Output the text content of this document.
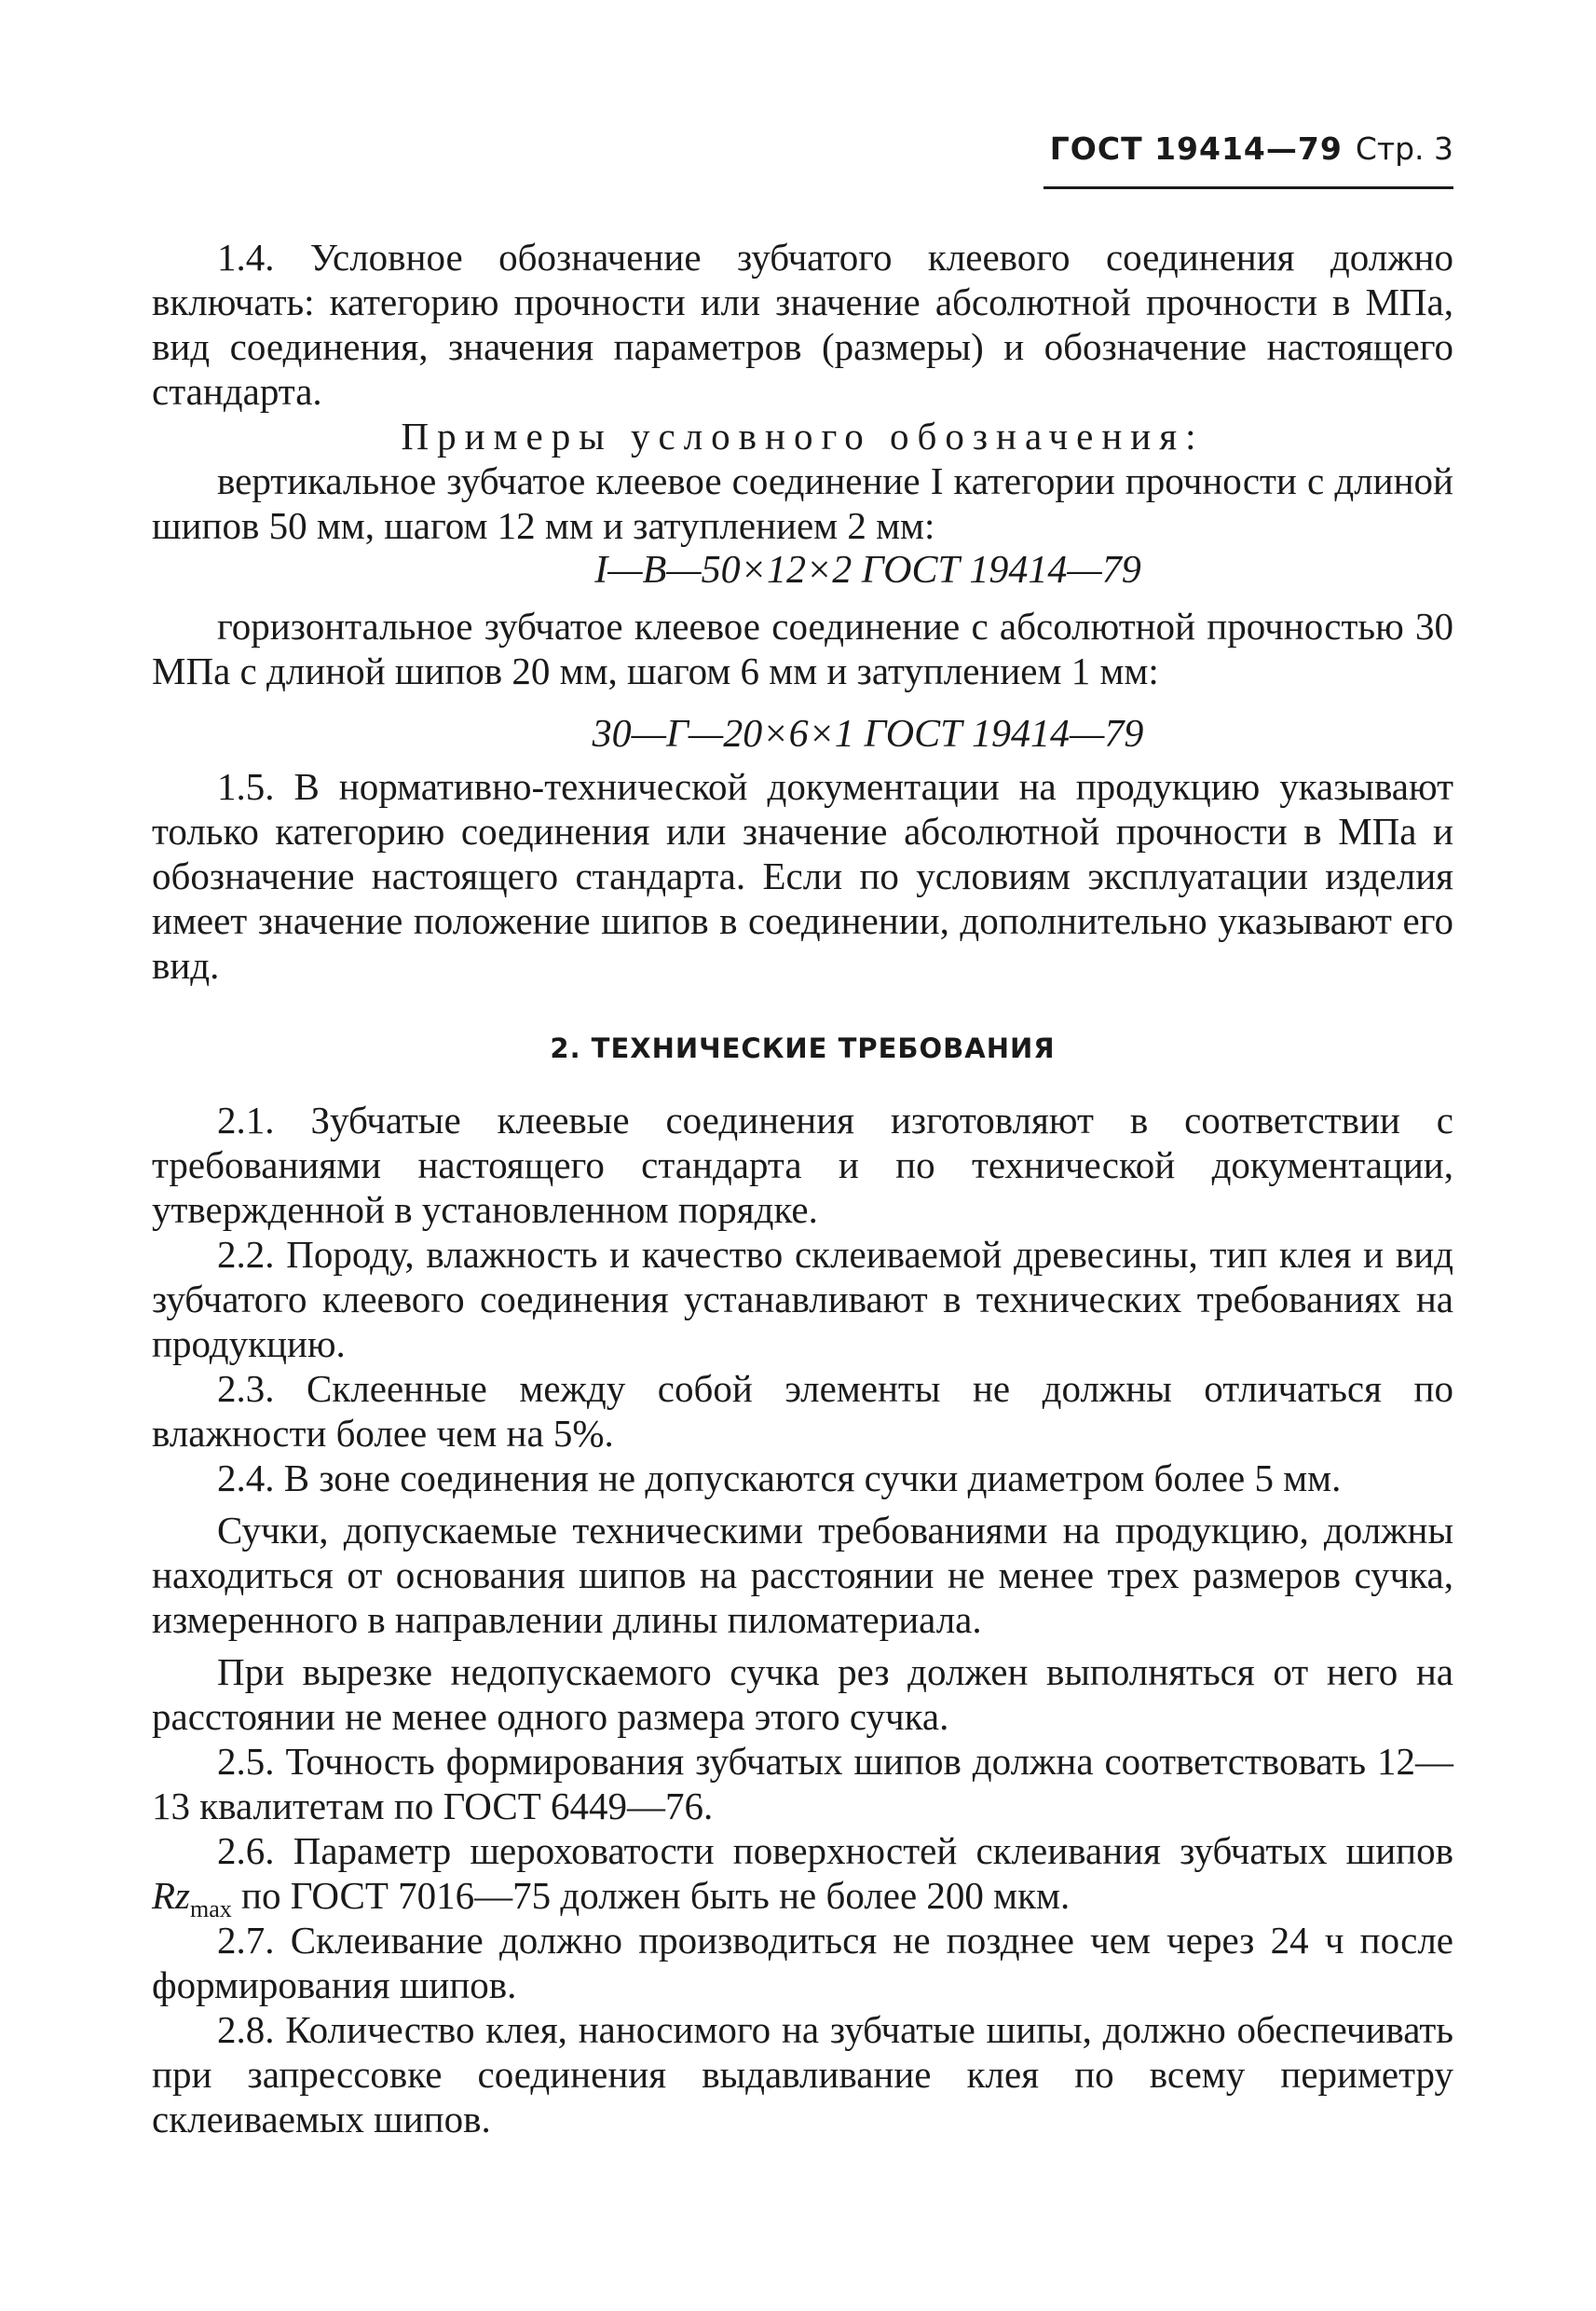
ГОСТ 19414—79 Стр. 3

1.4. Условное обозначение зубчатого клеевого соединения должно включать: категорию прочности или значение абсолютной прочности в МПа, вид соединения, значения параметров (размеры) и обозначение настоящего стандарта.

Примеры условного обозначения:

вертикальное зубчатое клеевое соединение I категории прочности с длиной шипов 50 мм, шагом 12 мм и затуплением 2 мм:

I—В—50×12×2 ГОСТ 19414—79

горизонтальное зубчатое клеевое соединение с абсолютной прочностью 30 МПа с длиной шипов 20 мм, шагом 6 мм и затуплением 1 мм:

30—Г—20×6×1 ГОСТ 19414—79

1.5. В нормативно-технической документации на продукцию указывают только категорию соединения или значение абсолютной прочности в МПа и обозначение настоящего стандарта. Если по условиям эксплуатации изделия имеет значение положение шипов в соединении, дополнительно указывают его вид.

2. ТЕХНИЧЕСКИЕ ТРЕБОВАНИЯ

2.1. Зубчатые клеевые соединения изготовляют в соответствии с требованиями настоящего стандарта и по технической документации, утвержденной в установленном порядке.

2.2. Породу, влажность и качество склеиваемой древесины, тип клея и вид зубчатого клеевого соединения устанавливают в технических требованиях на продукцию.

2.3. Склеенные между собой элементы не должны отличаться по влажности более чем на 5%.

2.4. В зоне соединения не допускаются сучки диаметром более 5 мм.

Сучки, допускаемые техническими требованиями на продукцию, должны находиться от основания шипов на расстоянии не менее трех размеров сучка, измеренного в направлении длины пиломатериала.

При вырезке недопускаемого сучка рез должен выполняться от него на расстоянии не менее одного размера этого сучка.

2.5. Точность формирования зубчатых шипов должна соответствовать 12—13 квалитетам по ГОСТ 6449—76.

2.6. Параметр шероховатости поверхностей склеивания зубчатых шипов $Rz_{max}$ по ГОСТ 7016—75 должен быть не более 200 мкм.

2.7. Склеивание должно производиться не позднее чем через 24 ч после формирования шипов.

2.8. Количество клея, наносимого на зубчатые шипы, должно обеспечивать при запрессовке соединения выдавливание клея по всему периметру склеиваемых шипов.
